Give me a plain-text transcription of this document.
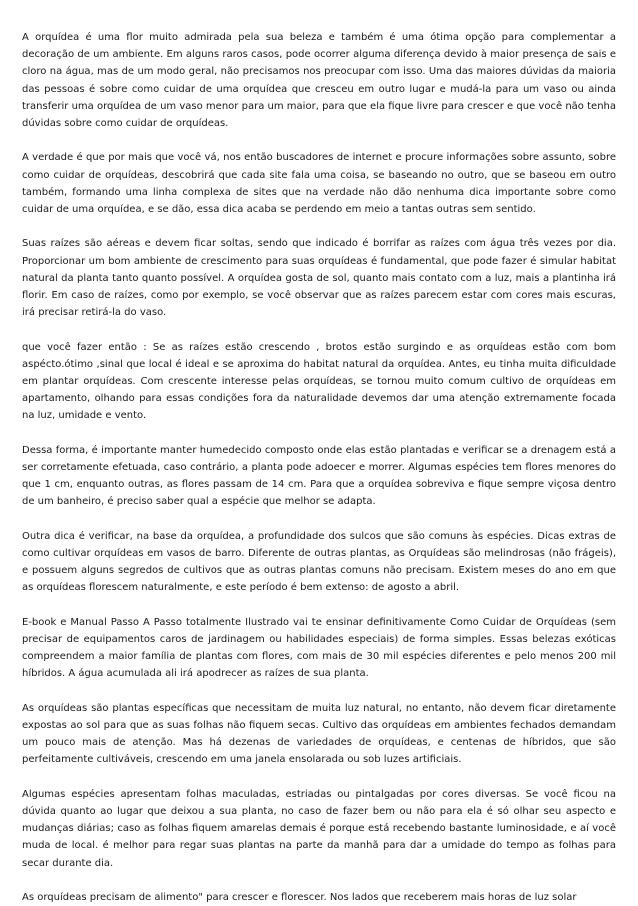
A orquídea é uma flor muito admirada pela sua beleza e também é uma ótima opção para complementar a decoração de um ambiente. Em alguns raros casos, pode ocorrer alguma diferença devido à maior presença de sais e cloro na água, mas de um modo geral, não precisamos nos preocupar com isso. Uma das maiores dúvidas da maioria das pessoas é sobre como cuidar de uma orquídea que cresceu em outro lugar e mudá-la para um vaso ou ainda transferir uma orquídea de um vaso menor para um maior, para que ela fique livre para crescer e que você não tenha dúvidas sobre como cuidar de orquídeas.

A verdade é que por mais que você vá, nos então buscadores de internet e procure informações sobre assunto, sobre como cuidar de orquídeas, descobrirá que cada site fala uma coisa, se baseando no outro, que se baseou em outro também, formando uma linha complexa de sites que na verdade não dão nenhuma dica importante sobre como cuidar de uma orquídea, e se dão, essa dica acaba se perdendo em meio a tantas outras sem sentido.

Suas raízes são aéreas e devem ficar soltas, sendo que indicado é borrifar as raízes com água três vezes por dia. Proporcionar um bom ambiente de crescimento para suas orquídeas é fundamental, que pode fazer é simular habitat natural da planta tanto quanto possível. A orquídea gosta de sol, quanto mais contato com a luz, mais a plantinha irá florir. Em caso de raízes, como por exemplo, se você observar que as raízes parecem estar com cores mais escuras, irá precisar retirá-la do vaso.

que você fazer então : Se as raízes estão crescendo , brotos estão surgindo e as orquídeas estão com bom aspécto.ótimo ,sinal que local é ideal e se aproxima do habitat natural da orquídea. Antes, eu tinha muita dificuldade em plantar orquídeas. Com crescente interesse pelas orquídeas, se tornou muito comum cultivo de orquídeas em apartamento, olhando para essas condições fora da naturalidade devemos dar uma atenção extremamente focada na luz, umidade e vento.

Dessa forma, é importante manter humedecido composto onde elas estão plantadas e verificar se a drenagem está a ser corretamente efetuada, caso contrário, a planta pode adoecer e morrer. Algumas espécies tem flores menores do que 1 cm, enquanto outras, as flores passam de 14 cm. Para que a orquídea sobreviva e fique sempre viçosa dentro de um banheiro, é preciso saber qual a espécie que melhor se adapta.

Outra dica é verificar, na base da orquídea, a profundidade dos sulcos que são comuns às espécies. Dicas extras de como cultivar orquídeas em vasos de barro. Diferente de outras plantas, as Orquídeas são melindrosas (não frágeis), e possuem alguns segredos de cultivos que as outras plantas comuns não precisam. Existem meses do ano em que as orquídeas florescem naturalmente, e este período é bem extenso: de agosto a abril.

E-book e Manual Passo A Passo totalmente Ilustrado vai te ensinar definitivamente Como Cuidar de Orquídeas (sem precisar de equipamentos caros de jardinagem ou habilidades especiais) de forma simples. Essas belezas exóticas compreendem a maior família de plantas com flores, com mais de 30 mil espécies diferentes e pelo menos 200 mil híbridos. A água acumulada ali irá apodrecer as raízes de sua planta.

As orquídeas são plantas específicas que necessitam de muita luz natural, no entanto, não devem ficar diretamente expostas ao sol para que as suas folhas não fiquem secas. Cultivo das orquídeas em ambientes fechados demandam um pouco mais de atenção. Mas há dezenas de variedades de orquídeas, e centenas de híbridos, que são perfeitamente cultiváveis, crescendo em uma janela ensolarada ou sob luzes artificiais.

Algumas espécies apresentam folhas maculadas, estriadas ou pintalgadas por cores diversas. Se você ficou na dúvida quanto ao lugar que deixou a sua planta, no caso de fazer bem ou não para ela é só olhar seu aspecto e mudanças diárias; caso as folhas fiquem amarelas demais é porque está recebendo bastante luminosidade, e aí você muda de local. é melhor para regar suas plantas na parte da manhã para dar a umidade do tempo as folhas para secar durante dia.

As orquídeas precisam de alimento" para crescer e florescer. Nos lados que receberem mais horas de luz solar
